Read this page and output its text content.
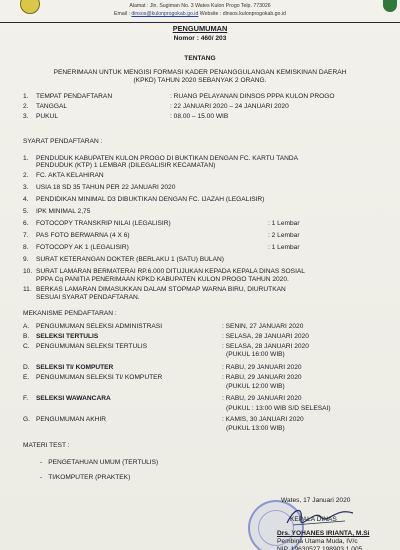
Alamat : Jln. Sugiman No. 3 Wates Kulon Progo Telp. 773026
Email : dinsos@kulonprogokab.go.id Website : dinsos.kulonprogokab.go.id
PENGUMUMAN
Nomor : 460/ 203
TENTANG
PENERIMAAN UNTUK MENGISI FORMASI KADER PENANGGULANGAN KEMISKINAN DAERAH
(KPKD) TAHUN 2020 SEBANYAK 2 ORANG.
1. TEMPAT PENDAFTARAN	: RUANG PELAYANAN DINSOS PPPA KULON PROGO
2. TANGGAL	: 22 JANUARI 2020 – 24 JANUARI 2020
3. PUKUL	: 08.00 – 15.00 WIB
SYARAT PENDAFTARAN :
1. PENDUDUK KABUPATEN KULON PROGO DI BUKTIKAN DENGAN FC. KARTU TANDA
PENDUDUK (KTP) 1 LEMBAR (DILEGALISIR KECAMATAN)
2. FC. AKTA KELAHIRAN
3. USIA 18 SD 35 TAHUN PER 22 JANUARI 2020
4. PENDIDIKAN MINIMAL D3 DIBUKTIKAN DENGAN FC. IJAZAH (LEGALISIR)
5. IPK MINIMAL 2,75
6. FOTOCOPY TRANSKRIP NILAI (LEGALISIR)	: 1 Lembar
7. PAS FOTO BERWARNA (4 X 6)	: 2 Lembar
8. FOTOCOPY AK 1 (LEGALISIR)	: 1 Lembar
9. SURAT KETERANGAN DOKTER (BERLAKU 1 (SATU) BULAN)
10. SURAT LAMARAN BERMATERAI RP.6.000 DITUJUKAN KEPADA KEPALA DINAS SOSIAL
PPPA Cq PANITIA PENERIMAAN KPKD KABUPATEN KULON PROGO TAHUN 2020.
11. BERKAS LAMARAN DIMASUKKAN DALAM STOPMAP WARNA BIRU, DIURUTKAN
SESUAI SYARAT PENDAFTARAN.
MEKANISME PENDAFTARAN :
A. PENGUMUMAN SELEKSI ADMINISTRASI	: SENIN, 27 JANUARI 2020
B. SELEKSI TERTULIS	: SELASA, 28 JANUARI 2020
C. PENGUMUMAN SELEKSI TERTULIS	: SELASA, 28 JANUARI 2020
(PUKUL 16:00 WIB)
D. SELEKSI TI/ KOMPUTER	: RABU, 29 JANUARI 2020
E. PENGUMUMAN SELEKSI TI/ KOMPUTER	: RABU, 29 JANUARI 2020
(PUKUL 12:00 WIB)
F. SELEKSI WAWANCARA	: RABU, 29 JANUARI 2020
(PUKUL : 13:00 WIB S/D SELESAI)
G. PENGUMUMAN AKHIR	: KAMIS, 30 JANUARI 2020
(PUKUL 13:00 WIB)
MATERI TEST :
- PENGETAHUAN UMUM (TERTULIS)
- TI/KOMPUTER (PRAKTEK)
Wates, 17 Januari 2020
KEPALA DINAS
Drs. YOHANES IRIANTA, M.Si
Pembina Utama Muda, IV/c
NIP. 19630527 198903 1 005
